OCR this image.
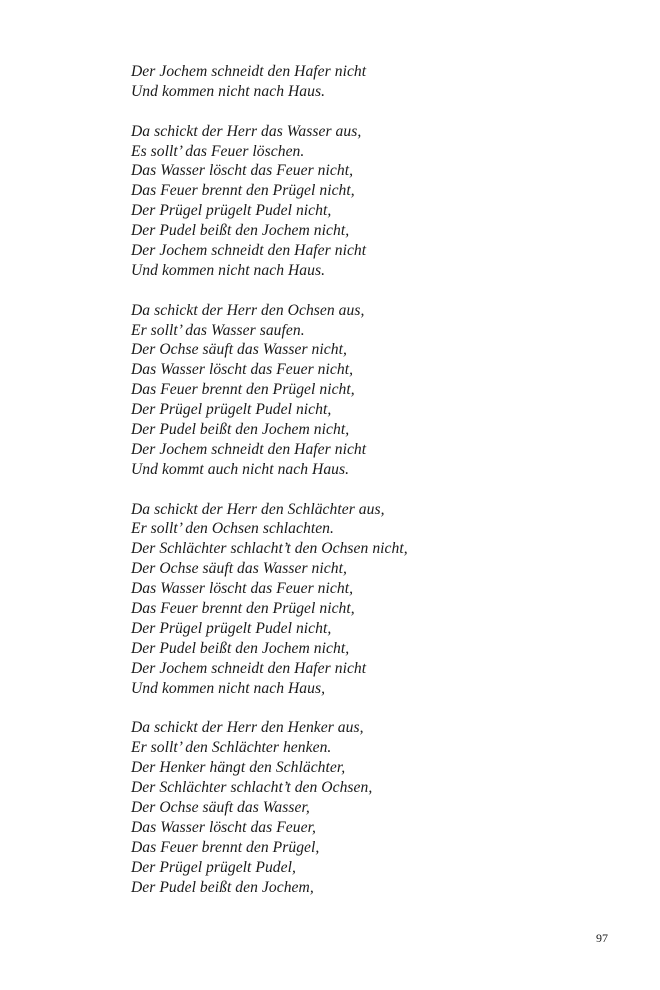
Der Jochem schneidt den Hafer nicht
Und kommen nicht nach Haus.
Da schickt der Herr das Wasser aus,
Es sollt’ das Feuer löschen.
Das Wasser löscht das Feuer nicht,
Das Feuer brennt den Prügel nicht,
Der Prügel prügelt Pudel nicht,
Der Pudel beißt den Jochem nicht,
Der Jochem schneidt den Hafer nicht
Und kommen nicht nach Haus.
Da schickt der Herr den Ochsen aus,
Er sollt’ das Wasser saufen.
Der Ochse säuft das Wasser nicht,
Das Wasser löscht das Feuer nicht,
Das Feuer brennt den Prügel nicht,
Der Prügel prügelt Pudel nicht,
Der Pudel beißt den Jochem nicht,
Der Jochem schneidt den Hafer nicht
Und kommt auch nicht nach Haus.
Da schickt der Herr den Schlächter aus,
Er sollt’ den Ochsen schlachten.
Der Schlächter schlacht’t den Ochsen nicht,
Der Ochse säuft das Wasser nicht,
Das Wasser löscht das Feuer nicht,
Das Feuer brennt den Prügel nicht,
Der Prügel prügelt Pudel nicht,
Der Pudel beißt den Jochem nicht,
Der Jochem schneidt den Hafer nicht
Und kommen nicht nach Haus,
Da schickt der Herr den Henker aus,
Er sollt’ den Schlächter henken.
Der Henker hängt den Schlächter,
Der Schlächter schlacht’t den Ochsen,
Der Ochse säuft das Wasser,
Das Wasser löscht das Feuer,
Das Feuer brennt den Prügel,
Der Prügel prügelt Pudel,
Der Pudel beißt den Jochem,
97
